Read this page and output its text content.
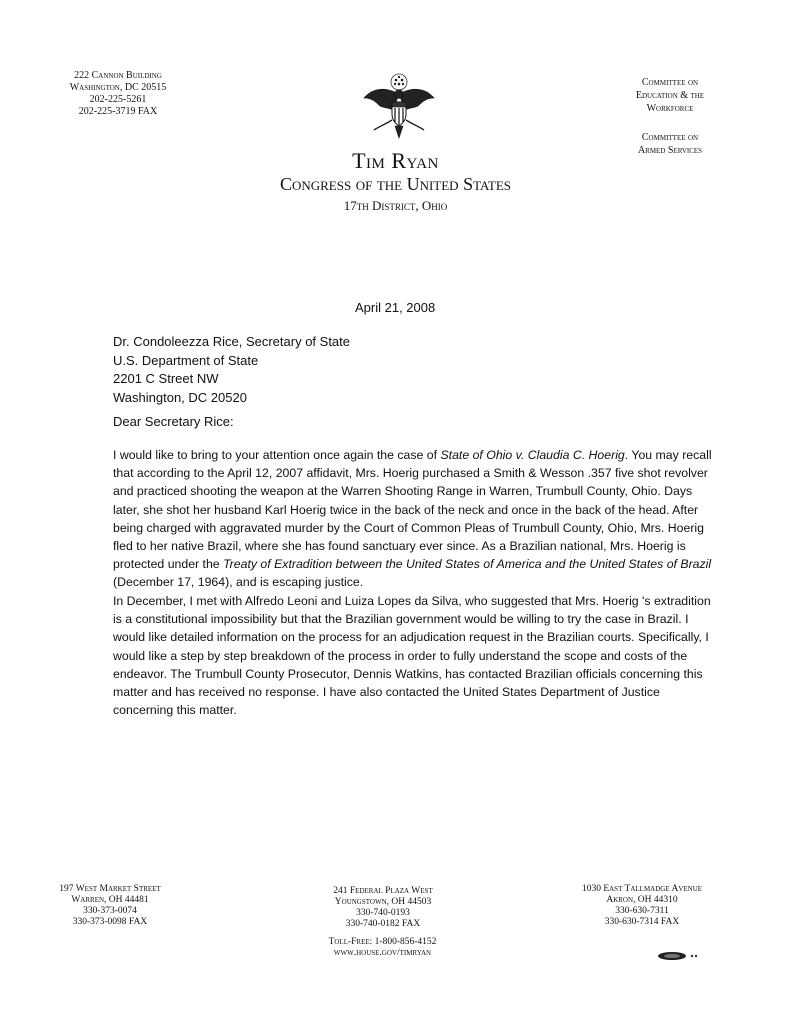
222 Cannon Building
Washington, DC 20515
202-225-5261
202-225-3719 FAX
Committee on
Education & the
Workforce
Committee on
Armed Services
Tim Ryan
Congress of the United States
17th District, Ohio
April 21, 2008
Dr. Condoleezza Rice, Secretary of State
U.S. Department of State
2201 C Street NW
Washington, DC 20520
Dear Secretary Rice:
I would like to bring to your attention once again the case of State of Ohio v. Claudia C. Hoerig. You may recall that according to the April 12, 2007 affidavit, Mrs. Hoerig purchased a Smith & Wesson .357 five shot revolver and practiced shooting the weapon at the Warren Shooting Range in Warren, Trumbull County, Ohio. Days later, she shot her husband Karl Hoerig twice in the back of the neck and once in the back of the head. After being charged with aggravated murder by the Court of Common Pleas of Trumbull County, Ohio, Mrs. Hoerig fled to her native Brazil, where she has found sanctuary ever since. As a Brazilian national, Mrs. Hoerig is protected under the Treaty of Extradition between the United States of America and the United States of Brazil (December 17, 1964), and is escaping justice.
In December, I met with Alfredo Leoni and Luiza Lopes da Silva, who suggested that Mrs. Hoerig 's extradition is a constitutional impossibility but that the Brazilian government would be willing to try the case in Brazil. I would like detailed information on the process for an adjudication request in the Brazilian courts. Specifically, I would like a step by step breakdown of the process in order to fully understand the scope and costs of the endeavor. The Trumbull County Prosecutor, Dennis Watkins, has contacted Brazilian officials concerning this matter and has received no response. I have also contacted the United States Department of Justice concerning this matter.
197 West Market Street
Warren, OH 44481
330-373-0074
330-373-0098 FAX
241 Federal Plaza West
Youngstown, OH 44503
330-740-0193
330-740-0182 FAX
1030 East Tallmadge Avenue
Akron, OH 44310
330-630-7311
330-630-7314 FAX
Toll-Free: 1-800-856-4152
www.house.gov/timryan
